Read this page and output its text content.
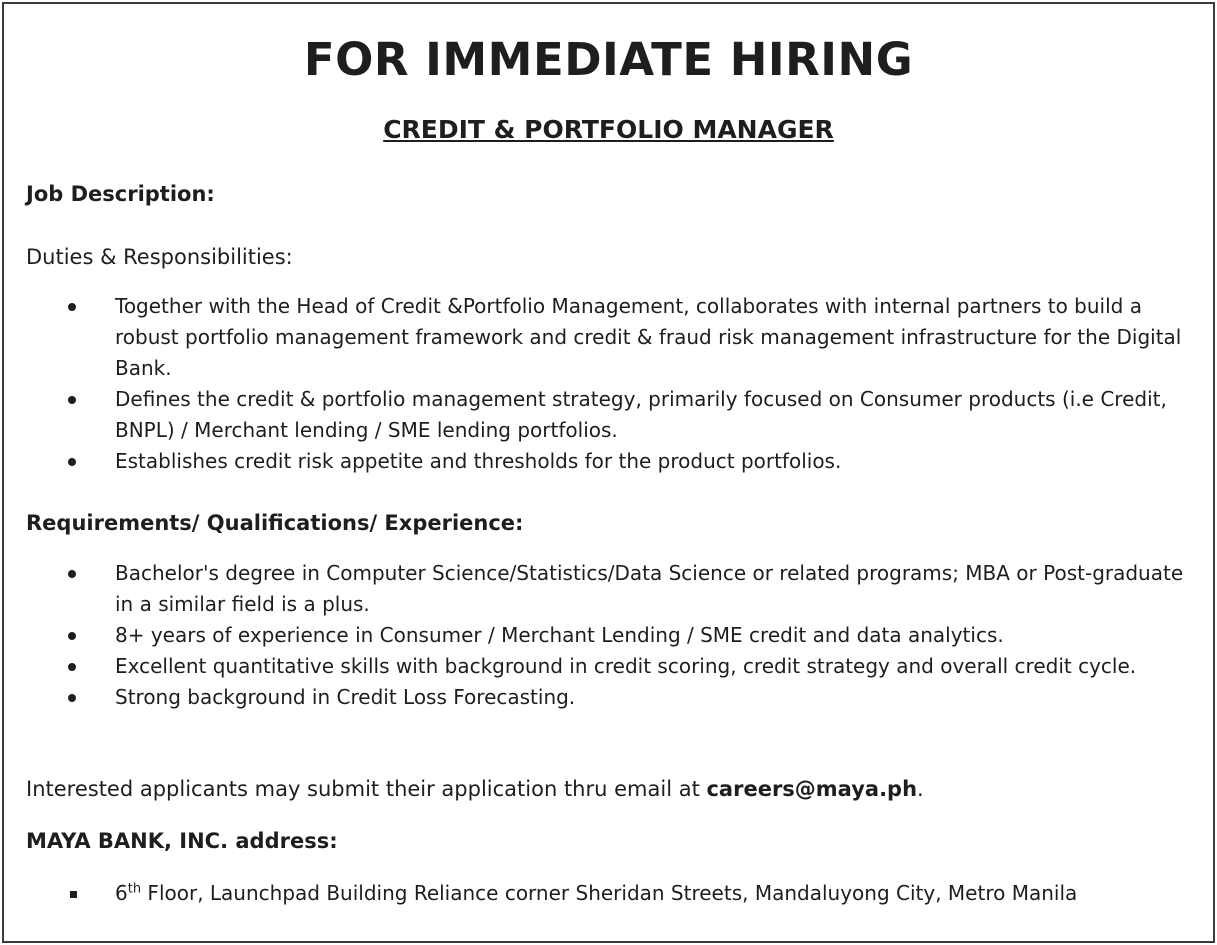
FOR IMMEDIATE HIRING
CREDIT & PORTFOLIO MANAGER

Job Description:

Duties & Responsibilities:

Together with the Head of Credit &Portfolio Management, collaborates with internal partners to build a robust portfolio management framework and credit & fraud risk management infrastructure for the Digital Bank.
Defines the credit & portfolio management strategy, primarily focused on Consumer products (i.e Credit, BNPL) / Merchant lending / SME lending portfolios.
Establishes credit risk appetite and thresholds for the product portfolios.

Requirements/ Qualifications/ Experience:

Bachelor's degree in Computer Science/Statistics/Data Science or related programs; MBA or Post-graduate in a similar field is a plus.
8+ years of experience in Consumer / Merchant Lending / SME credit and data analytics.
Excellent quantitative skills with background in credit scoring, credit strategy and overall credit cycle.
Strong background in Credit Loss Forecasting.

Interested applicants may submit their application thru email at careers@maya.ph.

MAYA BANK, INC. address:

6th Floor, Launchpad Building Reliance corner Sheridan Streets, Mandaluyong City, Metro Manila
